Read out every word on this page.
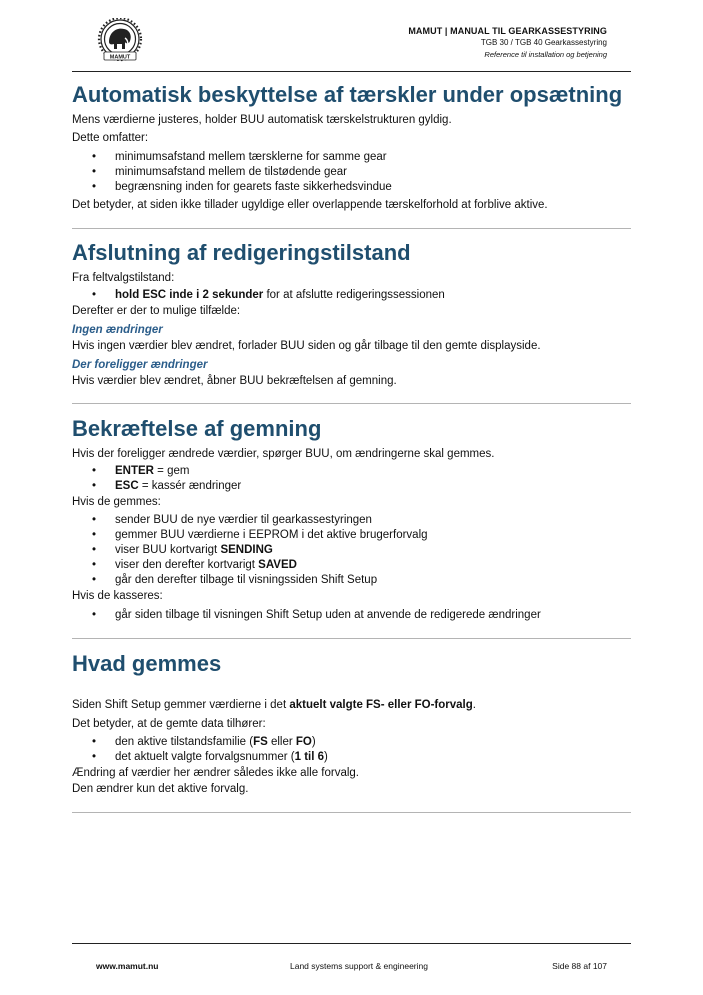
MAMUT
MAMUT | MANUAL TIL GEARKASSESTYRING
TGB 30 / TGB 40 Gearkassestyring
Reference til installation og betjening
Automatisk beskyttelse af tærskler under opsætning

Mens værdierne justeres, holder BUU automatisk tærskelstrukturen gyldig.

Dette omfatter:

• minimumsafstand mellem tærsklerne for samme gear
• minimumsafstand mellem de tilstødende gear
• begrænsning inden for gearets faste sikkerhedsvindue

Det betyder, at siden ikke tillader ugyldige eller overlappende tærskelforhold at forblive aktive.

Afslutning af redigeringstilstand

Fra feltvalgstilstand:

• hold ESC inde i 2 sekunder for at afslutte redigeringssessionen

Derefter er der to mulige tilfælde:

Ingen ændringer

Hvis ingen værdier blev ændret, forlader BUU siden og går tilbage til den gemte displayside.

Der foreligger ændringer

Hvis værdier blev ændret, åbner BUU bekræftelsen af gemning.

Bekræftelse af gemning

Hvis der foreligger ændrede værdier, spørger BUU, om ændringerne skal gemmes.

• ENTER = gem
• ESC = kassér ændringer

Hvis de gemmes:

• sender BUU de nye værdier til gearkassestyringen
• gemmer BUU værdierne i EEPROM i det aktive brugerforvalg
• viser BUU kortvarigt SENDING
• viser den derefter kortvarigt SAVED
• går den derefter tilbage til visningssiden Shift Setup

Hvis de kasseres:

• går siden tilbage til visningen Shift Setup uden at anvende de redigerede ændringer
Hvad gemmes

Siden Shift Setup gemmer værdierne i det aktuelt valgte FS- eller FO-forvalg.

Det betyder, at de gemte data tilhører:

• den aktive tilstandsfamilie (FS eller FO)
• det aktuelt valgte forvalgsnummer (1 til 6)

Ændring af værdier her ændrer således ikke alle forvalg.

Den ændrer kun det aktive forvalg.

www.mamut.nu	Land systems support & engineering	Side 88 af 107
